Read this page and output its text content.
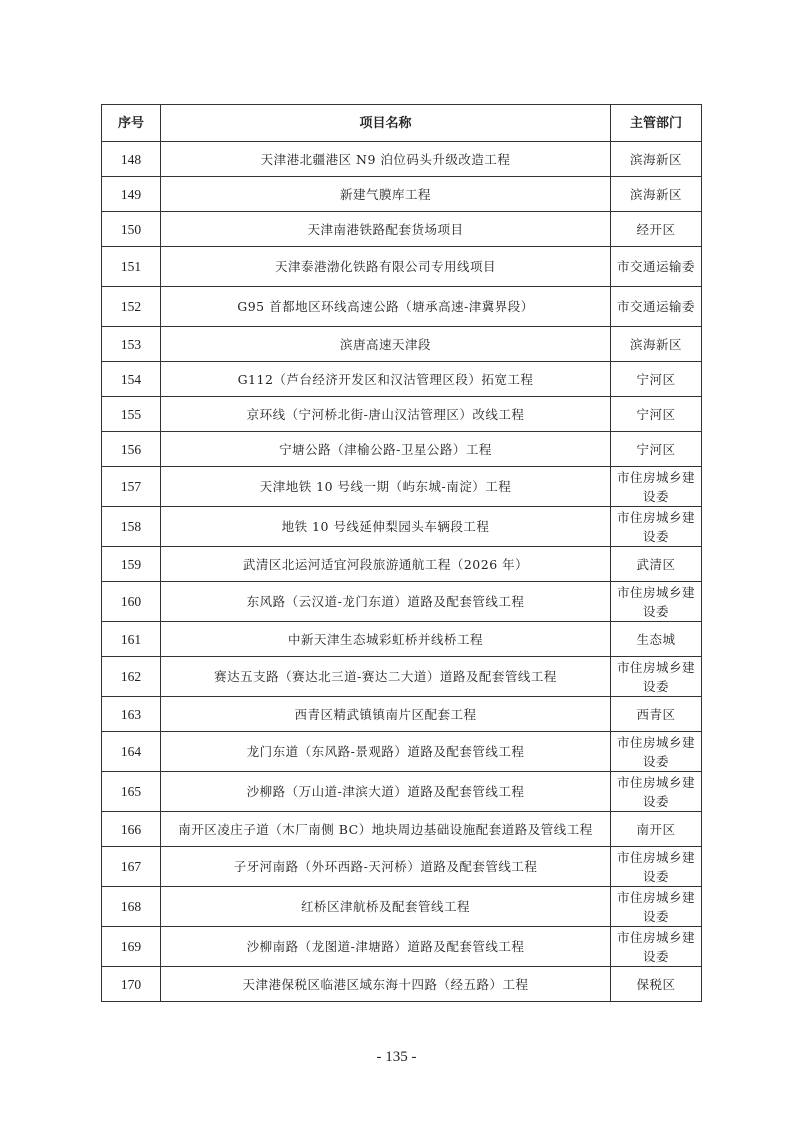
序号	项目名称	主管部门
148	天津港北疆港区 N9 泊位码头升级改造工程	滨海新区
149	新建气膜库工程	滨海新区
150	天津南港铁路配套货场项目	经开区
151	天津泰港渤化铁路有限公司专用线项目	市交通运输委
152	G95 首都地区环线高速公路（塘承高速-津冀界段）	市交通运输委
153	滨唐高速天津段	滨海新区
154	G112（芦台经济开发区和汉沽管理区段）拓宽工程	宁河区
155	京环线（宁河桥北街-唐山汉沽管理区）改线工程	宁河区
156	宁塘公路（津榆公路-卫星公路）工程	宁河区
157	天津地铁 10 号线一期（屿东城-南淀）工程	市住房城乡建设委
158	地铁 10 号线延伸梨园头车辆段工程	市住房城乡建设委
159	武清区北运河适宜河段旅游通航工程（2026 年）	武清区
160	东风路（云汉道-龙门东道）道路及配套管线工程	市住房城乡建设委
161	中新天津生态城彩虹桥并线桥工程	生态城
162	赛达五支路（赛达北三道-赛达二大道）道路及配套管线工程	市住房城乡建设委
163	西青区精武镇镇南片区配套工程	西青区
164	龙门东道（东风路-景观路）道路及配套管线工程	市住房城乡建设委
165	沙柳路（万山道-津滨大道）道路及配套管线工程	市住房城乡建设委
166	南开区凌庄子道（木厂南侧 BC）地块周边基础设施配套道路及管线工程	南开区
167	子牙河南路（外环西路-天河桥）道路及配套管线工程	市住房城乡建设委
168	红桥区津航桥及配套管线工程	市住房城乡建设委
169	沙柳南路（龙图道-津塘路）道路及配套管线工程	市住房城乡建设委
170	天津港保税区临港区域东海十四路（经五路）工程	保税区
- 135 -
